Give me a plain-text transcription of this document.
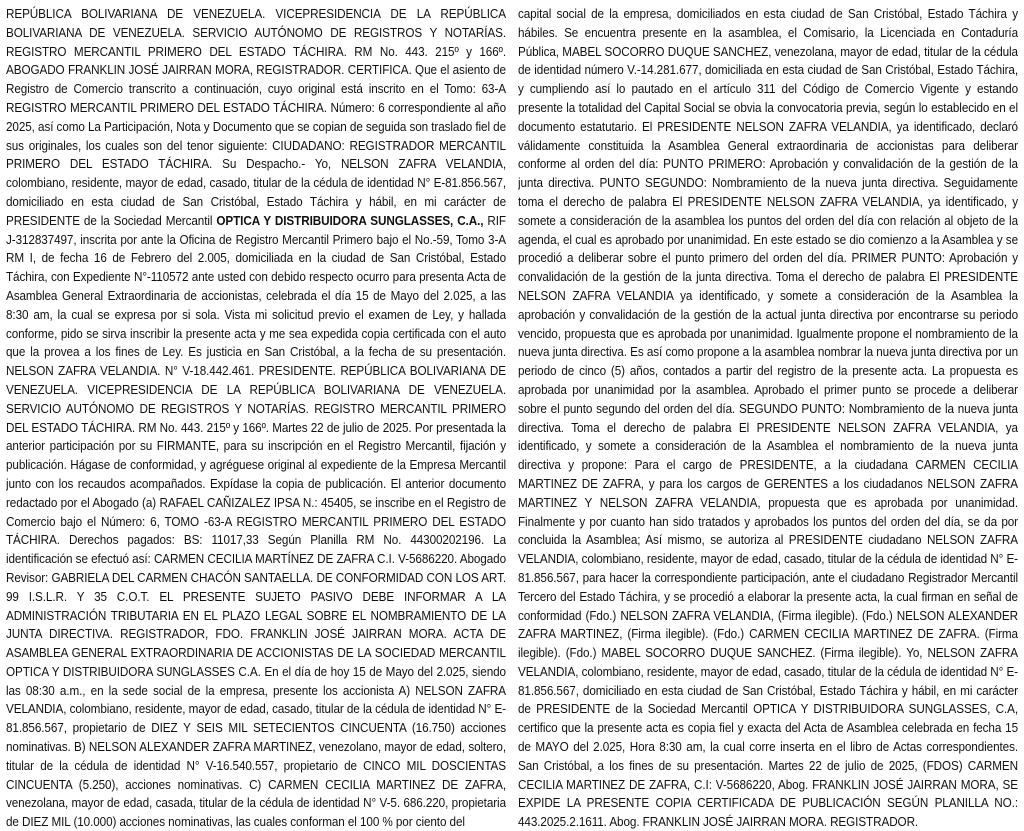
REPÚBLICA BOLIVARIANA DE VENEZUELA. VICEPRESIDENCIA DE LA REPÚBLICA BOLIVARIANA DE VENEZUELA. SERVICIO AUTÓNOMO DE REGISTROS Y NOTARÍAS. REGISTRO MERCANTIL PRIMERO DEL ESTADO TÁCHIRA. RM No. 443. 215º y 166º. ABOGADO FRANKLIN JOSÉ JAIRRAN MORA, REGISTRADOR. CERTIFICA. Que el asiento de Registro de Comercio transcrito a continuación, cuyo original está inscrito en el Tomo: 63-A REGISTRO MERCANTIL PRIMERO DEL ESTADO TÁCHIRA. Número: 6 correspondiente al año 2025, así como La Participación, Nota y Documento que se copian de seguida son traslado fiel de sus originales, los cuales son del tenor siguiente: CIUDADANO: REGISTRADOR MERCANTIL PRIMERO DEL ESTADO TÁCHIRA. Su Despacho.- Yo, NELSON ZAFRA VELANDIA, colombiano, residente, mayor de edad, casado, titular de la cédula de identidad N° E-81.856.567, domiciliado en esta ciudad de San Cristóbal, Estado Táchira y hábil, en mi carácter de PRESIDENTE de la Sociedad Mercantil OPTICA Y DISTRIBUIDORA SUNGLASSES, C.A., RIF J-312837497, inscrita por ante la Oficina de Registro Mercantil Primero bajo el No.-59, Tomo 3-A RM I, de fecha 16 de Febrero del 2.005, domiciliada en la ciudad de San Cristóbal, Estado Táchira, con Expediente N°-110572 ante usted con debido respecto ocurro para presenta Acta de Asamblea General Extraordinaria de accionistas, celebrada el día 15 de Mayo del 2.025, a las 8:30 am, la cual se expresa por si sola. Vista mi solicitud previo el examen de Ley, y hallada conforme, pido se sirva inscribir la presente acta y me sea expedida copia certificada con el auto que la provea a los fines de Ley. Es justicia en San Cristóbal, a la fecha de su presentación. NELSON ZAFRA VELANDIA. N° V-18.442.461. PRESIDENTE. REPÚBLICA BOLIVARIANA DE VENEZUELA. VICEPRESIDENCIA DE LA REPÚBLICA BOLIVARIANA DE VENEZUELA. SERVICIO AUTÓNOMO DE REGISTROS Y NOTARÍAS. REGISTRO MERCANTIL PRIMERO DEL ESTADO TÁCHIRA. RM No. 443. 215º y 166º. Martes 22 de julio de 2025. Por presentada la anterior participación por su FIRMANTE, para su inscripción en el Registro Mercantil, fijación y publicación. Hágase de conformidad, y agréguese original al expediente de la Empresa Mercantil junto con los recaudos acompañados. Expídase la copia de publicación. El anterior documento redactado por el Abogado (a) RAFAEL CAÑIZALEZ IPSA N.: 45405, se inscribe en el Registro de Comercio bajo el Número: 6, TOMO -63-A REGISTRO MERCANTIL PRIMERO DEL ESTADO TÁCHIRA. Derechos pagados: BS: 11017,33 Según Planilla RM No. 44300202196. La identificación se efectuó así: CARMEN CECILIA MARTÍNEZ DE ZAFRA C.I. V-5686220. Abogado Revisor: GABRIELA DEL CARMEN CHACÓN SANTAELLA. DE CONFORMIDAD CON LOS ART. 99 I.S.L.R. Y 35 C.O.T. EL PRESENTE SUJETO PASIVO DEBE INFORMAR A LA ADMINISTRACIÓN TRIBUTARIA EN EL PLAZO LEGAL SOBRE EL NOMBRAMIENTO DE LA JUNTA DIRECTIVA. REGISTRADOR, FDO. FRANKLIN JOSÉ JAIRRAN MORA. ACTA DE ASAMBLEA GENERAL EXTRAORDINARIA DE ACCIONISTAS DE LA SOCIEDAD MERCANTIL OPTICA Y DISTRIBUIDORA SUNGLASSES C.A. En el día de hoy 15 de Mayo del 2.025, siendo las 08:30 a.m., en la sede social de la empresa, presente los accionista A) NELSON ZAFRA VELANDIA, colombiano, residente, mayor de edad, casado, titular de la cédula de identidad N° E-81.856.567, propietario de DIEZ Y SEIS MIL SETECIENTOS CINCUENTA (16.750) acciones nominativas. B) NELSON ALEXANDER ZAFRA MARTINEZ, venezolano, mayor de edad, soltero, titular de la cédula de identidad N° V-16.540.557, propietario de CINCO MIL DOSCIENTAS CINCUENTA (5.250), acciones nominativas. C) CARMEN CECILIA MARTINEZ DE ZAFRA, venezolana, mayor de edad, casada, titular de la cédula de identidad N° V-5. 686.220, propietaria de DIEZ MIL (10.000) acciones nominativas, las cuales conforman el 100 % por ciento del

capital social de la empresa, domiciliados en esta ciudad de San Cristóbal, Estado Táchira y hábiles. Se encuentra presente en la asamblea, el Comisario, la Licenciada en Contaduría Pública, MABEL SOCORRO DUQUE SANCHEZ, venezolana, mayor de edad, titular de la cédula de identidad número V.-14.281.677, domiciliada en esta ciudad de San Cristóbal, Estado Táchira, y cumpliendo así lo pautado en el artículo 311 del Código de Comercio Vigente y estando presente la totalidad del Capital Social se obvia la convocatoria previa, según lo establecido en el documento estatutario. El PRESIDENTE NELSON ZAFRA VELANDIA, ya identificado, declaró válidamente constituida la Asamblea General extraordinaria de accionistas para deliberar conforme al orden del día: PUNTO PRIMERO: Aprobación y convalidación de la gestión de la junta directiva. PUNTO SEGUNDO: Nombramiento de la nueva junta directiva. Seguidamente toma el derecho de palabra El PRESIDENTE NELSON ZAFRA VELANDIA, ya identificado, y somete a consideración de la asamblea los puntos del orden del día con relación al objeto de la agenda, el cual es aprobado por unanimidad. En este estado se dio comienzo a la Asamblea y se procedió a deliberar sobre el punto primero del orden del día. PRIMER PUNTO: Aprobación y convalidación de la gestión de la junta directiva. Toma el derecho de palabra El PRESIDENTE NELSON ZAFRA VELANDIA ya identificado, y somete a consideración de la Asamblea la aprobación y convalidación de la gestión de la actual junta directiva por encontrarse su periodo vencido, propuesta que es aprobada por unanimidad. Igualmente propone el nombramiento de la nueva junta directiva. Es así como propone a la asamblea nombrar la nueva junta directiva por un periodo de cinco (5) años, contados a partir del registro de la presente acta. La propuesta es aprobada por unanimidad por la asamblea. Aprobado el primer punto se procede a deliberar sobre el punto segundo del orden del día. SEGUNDO PUNTO: Nombramiento de la nueva junta directiva. Toma el derecho de palabra El PRESIDENTE NELSON ZAFRA VELANDIA, ya identificado, y somete a consideración de la Asamblea el nombramiento de la nueva junta directiva y propone: Para el cargo de PRESIDENTE, a la ciudadana CARMEN CECILIA MARTINEZ DE ZAFRA, y para los cargos de GERENTES a los ciudadanos NELSON ZAFRA MARTINEZ Y NELSON ZAFRA VELANDIA, propuesta que es aprobada por unanimidad. Finalmente y por cuanto han sido tratados y aprobados los puntos del orden del día, se da por concluida la Asamblea; Así mismo, se autoriza al PRESIDENTE ciudadano NELSON ZAFRA VELANDIA, colombiano, residente, mayor de edad, casado, titular de la cédula de identidad N° E-81.856.567, para hacer la correspondiente participación, ante el ciudadano Registrador Mercantil Tercero del Estado Táchira, y se procedió a elaborar la presente acta, la cual firman en señal de conformidad (Fdo.) NELSON ZAFRA VELANDIA, (Firma ilegible). (Fdo.) NELSON ALEXANDER ZAFRA MARTINEZ, (Firma ilegible). (Fdo.) CARMEN CECILIA MARTINEZ DE ZAFRA. (Firma ilegible). (Fdo.) MABEL SOCORRO DUQUE SANCHEZ. (Firma ilegible). Yo, NELSON ZAFRA VELANDIA, colombiano, residente, mayor de edad, casado, titular de la cédula de identidad N° E-81.856.567, domiciliado en esta ciudad de San Cristóbal, Estado Táchira y hábil, en mi carácter de PRESIDENTE de la Sociedad Mercantil OPTICA Y DISTRIBUIDORA SUNGLASSES, C.A, certifico que la presente acta es copia fiel y exacta del Acta de Asamblea celebrada en fecha 15 de MAYO del 2.025, Hora 8:30 am, la cual corre inserta en el libro de Actas correspondientes. San Cristóbal, a los fines de su presentación. Martes 22 de julio de 2025, (FDOS) CARMEN CECILIA MARTINEZ DE ZAFRA, C.I: V-5686220, Abog. FRANKLIN JOSÉ JAIRRAN MORA, SE EXPIDE LA PRESENTE COPIA CERTIFICADA DE PUBLICACIÓN SEGÚN PLANILLA NO.: 443.2025.2.1611. Abog. FRANKLIN JOSÉ JAIRRAN MORA. REGISTRADOR.
